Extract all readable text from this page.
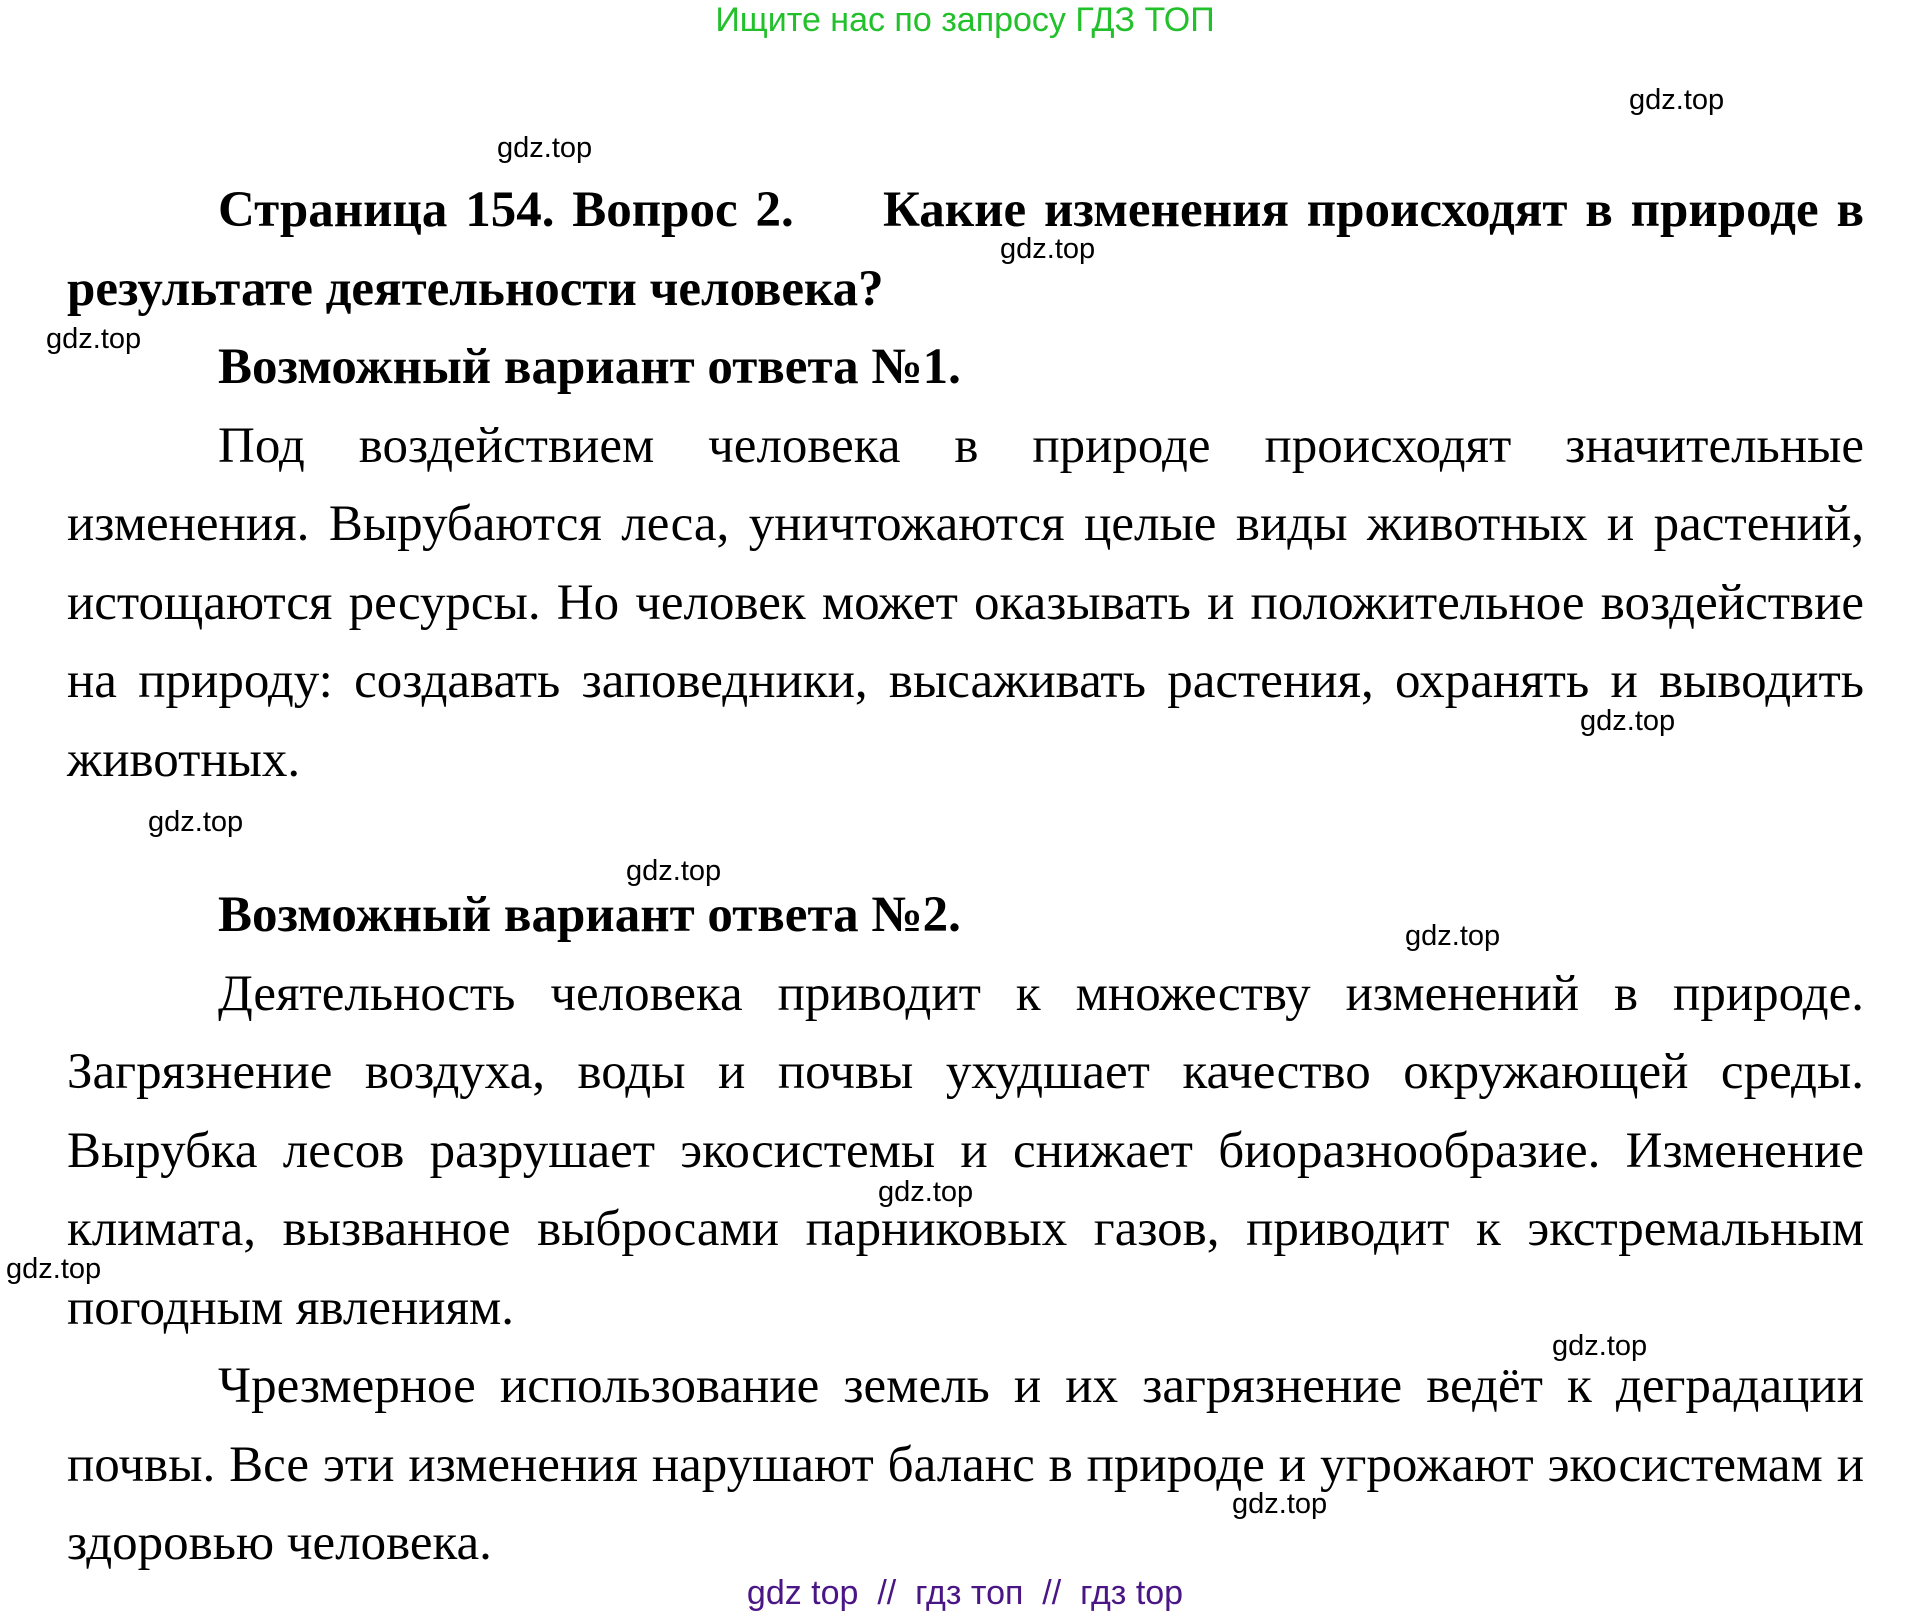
Ищите нас по запросу ГДЗ ТОП
gdz.top
gdz.top
gdz.top
gdz.top
gdz.top
gdz.top
gdz.top
gdz.top
gdz.top
gdz.top
gdz.top
gdz.top

Страница 154. Вопрос 2. Какие изменения происходят в природе в результате деятельности человека?

Возможный вариант ответа №1.

Под воздействием человека в природе происходят значительные изменения. Вырубаются леса, уничтожаются целые виды животных и растений, истощаются ресурсы. Но человек может оказывать и положительное воздействие на природу: создавать заповедники, высаживать растения, охранять и выводить животных.

Возможный вариант ответа №2.

Деятельность человека приводит к множеству изменений в природе. Загрязнение воздуха, воды и почвы ухудшает качество окружающей среды. Вырубка лесов разрушает экосистемы и снижает биоразнообразие. Изменение климата, вызванное выбросами парниковых газов, приводит к экстремальным погодным явлениям.

Чрезмерное использование земель и их загрязнение ведёт к деградации почвы. Все эти изменения нарушают баланс в природе и угрожают экосистемам и здоровью человека.

gdz top  //  гдз топ  //  гдз top
